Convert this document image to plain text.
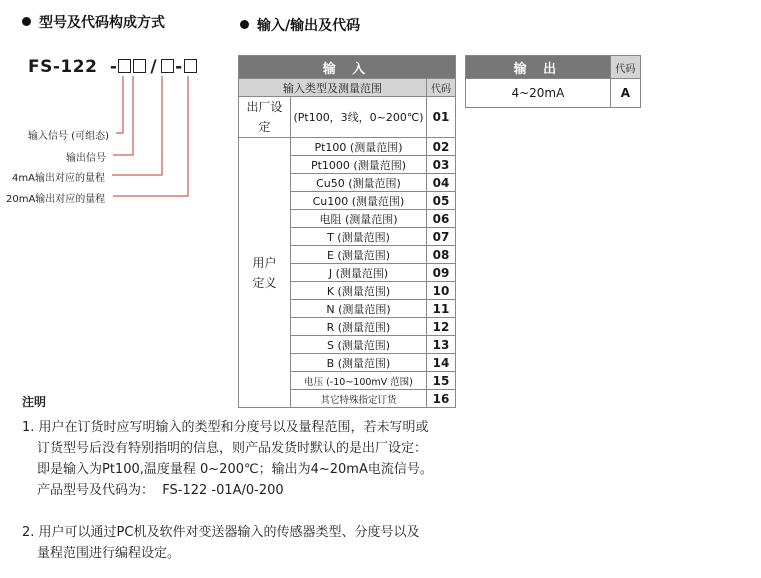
型号及代码构成方式
FS-122 - / -
输入信号 (可组态)
输出信号
4mA输出对应的量程
20mA输出对应的量程
输入/输出及代码
输 入		
输入类型及测量范围		代码
出厂设定	(Pt100，3线，0~200℃)	01
用户定义	Pt100 (测量范围)	02
	Pt1000 (测量范围)	03
	Cu50 (测量范围)	04
	Cu100 (测量范围)	05
	电阻 (测量范围)	06
	T (测量范围)	07
	E (测量范围)	08
	J (测量范围)	09
	K (测量范围)	10
	N (测量范围)	11
	R (测量范围)	12
	S (测量范围)	13
	B (测量范围)	14
	电压 (-10~100mV 范围)	15
	其它特殊指定订货	16
输 出	代码
4~20mA	A
注明
1. 用户在订货时应写明输入的类型和分度号以及量程范围，若未写明或
订货型号后没有特别指明的信息，则产品发货时默认的是出厂设定：
即是输入为Pt100,温度量程 0~200℃；输出为4~20mA电流信号。
产品型号及代码为：  FS-122 -01A/0-200
2. 用户可以通过PC机及软件对变送器输入的传感器类型、分度号以及
量程范围进行编程设定。
